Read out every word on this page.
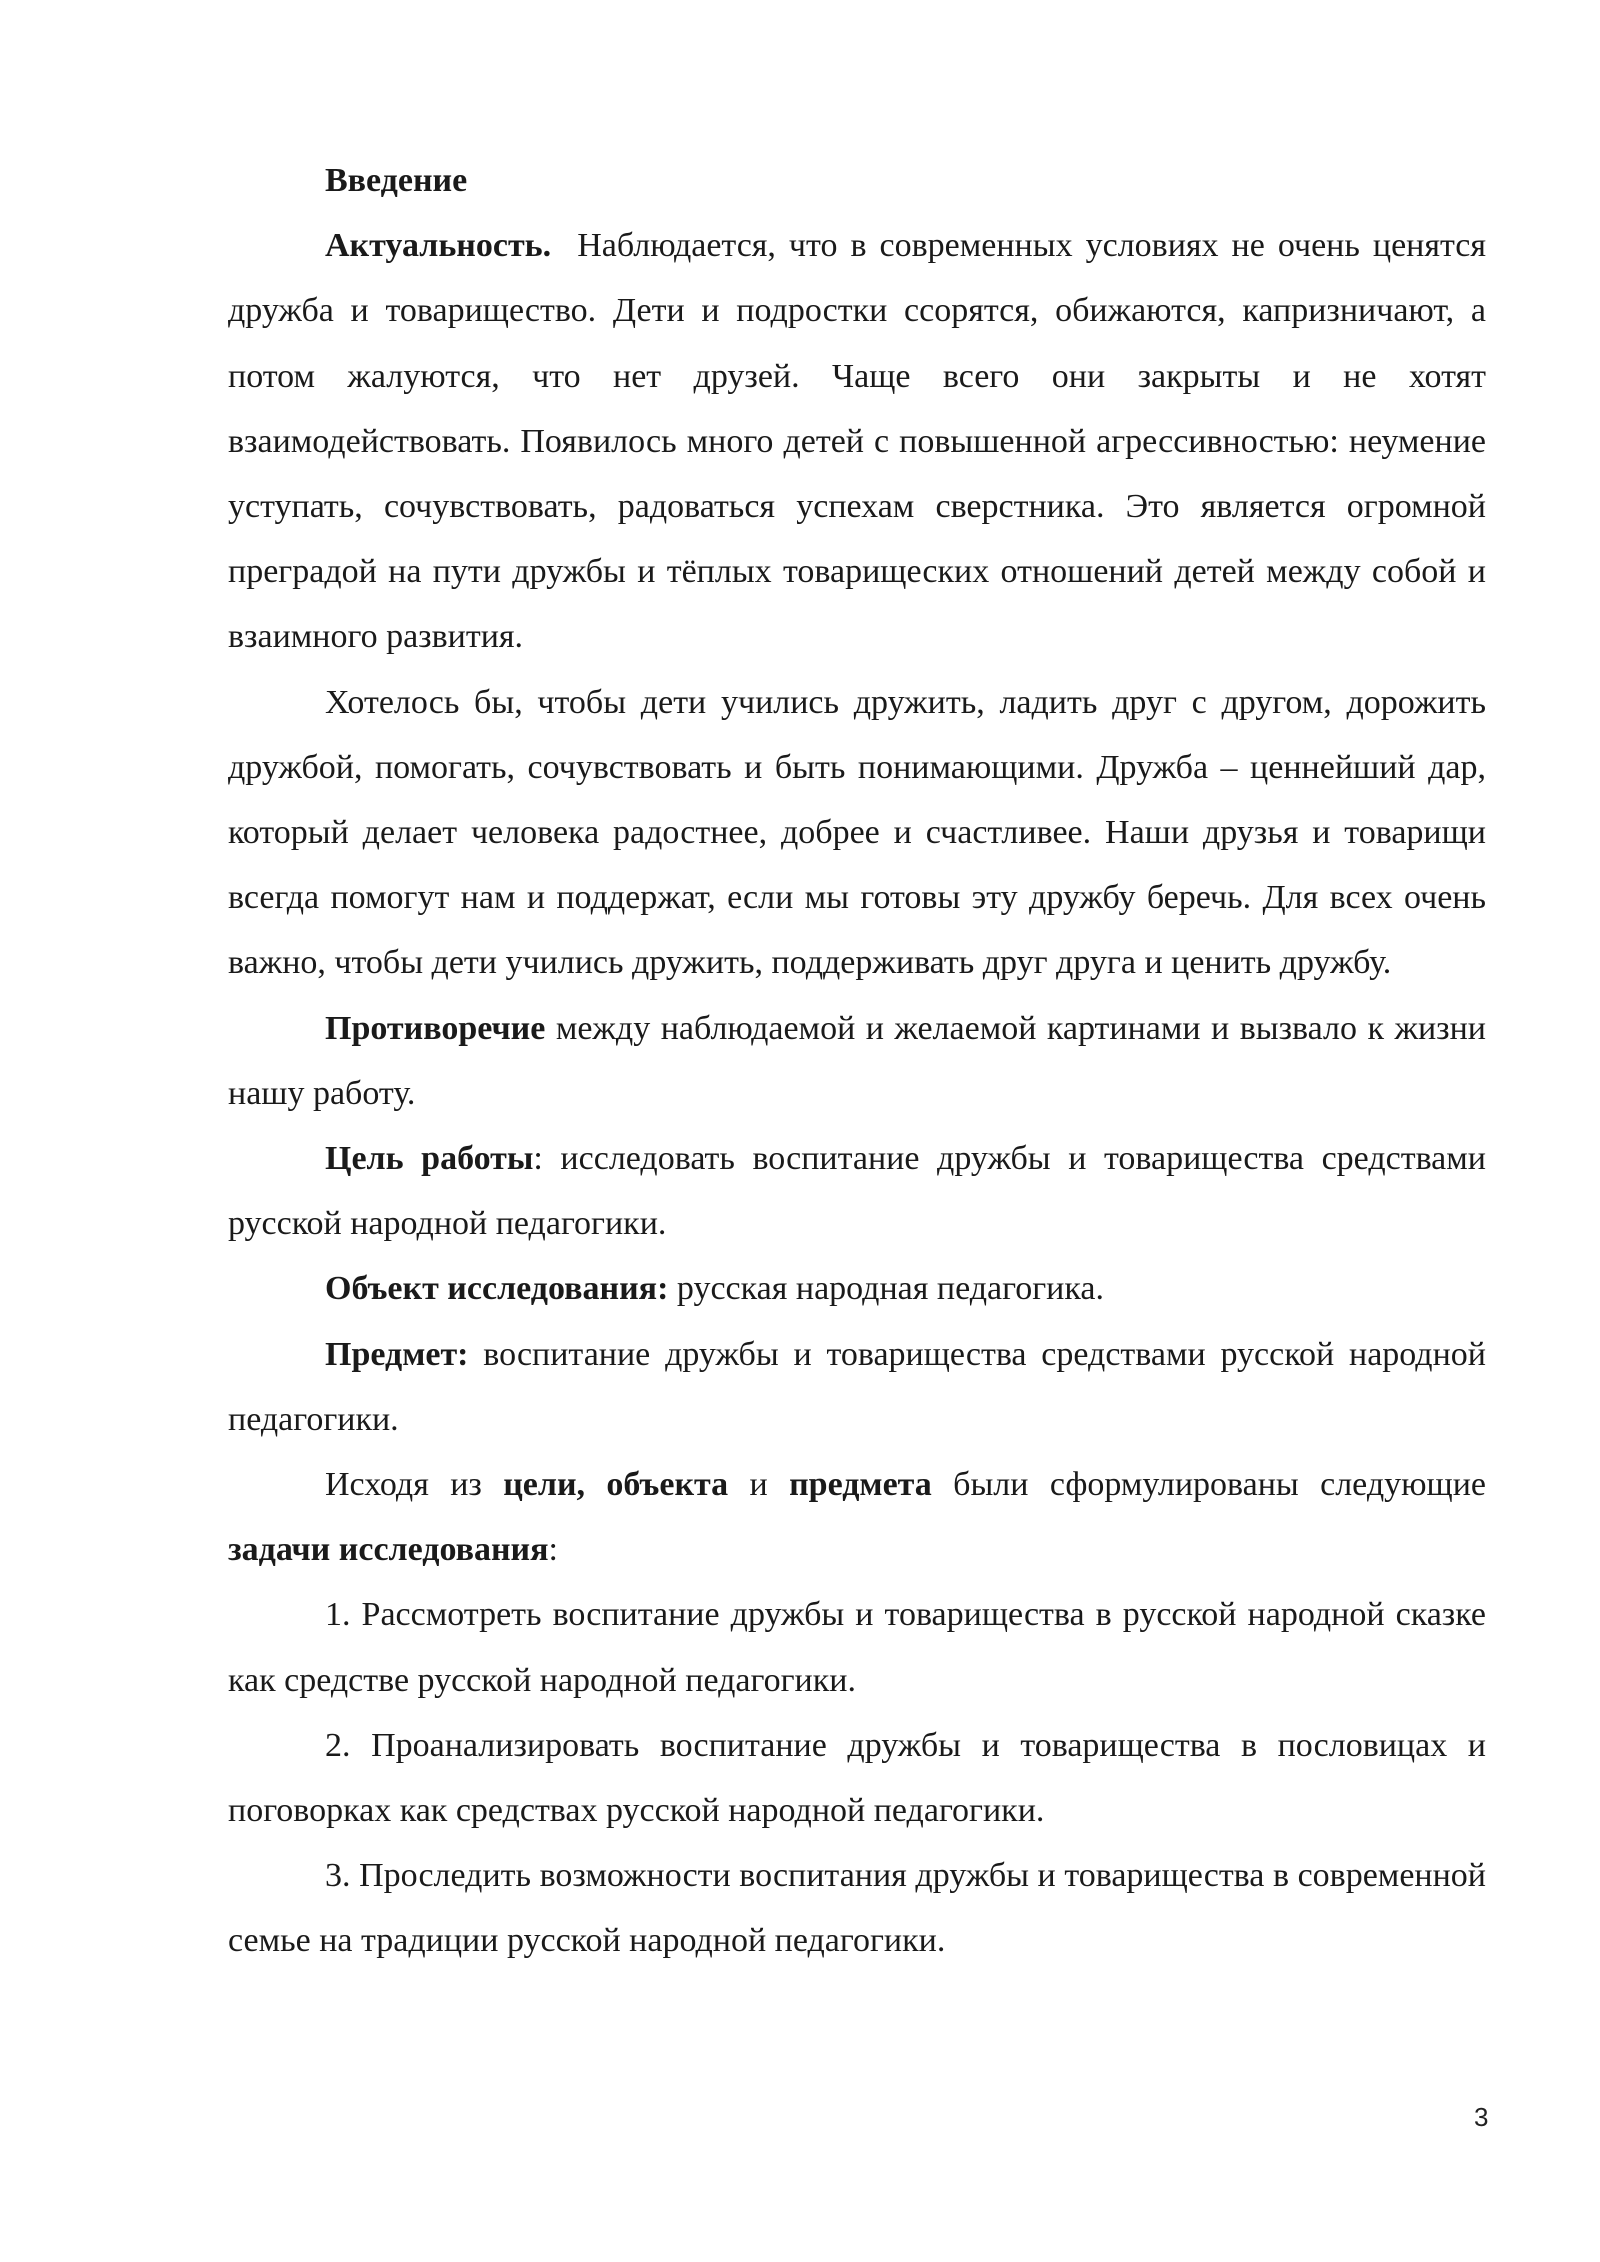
Введение

Актуальность. Наблюдается, что в современных условиях не очень ценятся дружба и товарищество. Дети и подростки ссорятся, обижаются, капризничают, а потом жалуются, что нет друзей. Чаще всего они закрыты и не хотят взаимодействовать. Появилось много детей с повышенной агрессивностью: неумение уступать, сочувствовать, радоваться успехам сверстника. Это является огромной преградой на пути дружбы и тёплых товарищеских отношений детей между собой и взаимного развития.

Хотелось бы, чтобы дети учились дружить, ладить друг с другом, дорожить дружбой, помогать, сочувствовать и быть понимающими. Дружба – ценнейший дар, который делает человека радостнее, добрее и счастливее. Наши друзья и товарищи всегда помогут нам и поддержат, если мы готовы эту дружбу беречь. Для всех очень важно, чтобы дети учились дружить, поддерживать друг друга и ценить дружбу.

Противоречие между наблюдаемой и желаемой картинами и вызвало к жизни нашу работу.

Цель работы: исследовать воспитание дружбы и товарищества средствами русской народной педагогики.

Объект исследования: русская народная педагогика.

Предмет: воспитание дружбы и товарищества средствами русской народной педагогики.

Исходя из цели, объекта и предмета были сформулированы следующие задачи исследования:

1. Рассмотреть воспитание дружбы и товарищества в русской народной сказке как средстве русской народной педагогики.

2. Проанализировать воспитание дружбы и товарищества в пословицах и поговорках как средствах русской народной педагогики.

3. Проследить возможности воспитания дружбы и товарищества в современной семье на традиции русской народной педагогики.

3
